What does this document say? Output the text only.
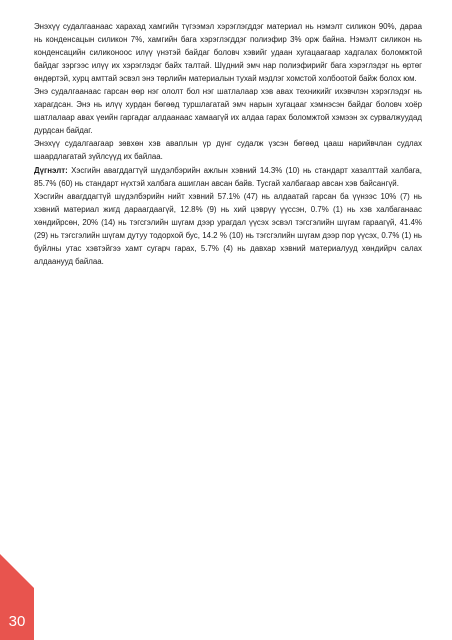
Энэхүү судалгаанаас харахад хамгийн түгээмэл хэрэглэгддэг материал нь нэмэлт силикон 90%, дараа нь конденсацын силикон 7%, хамгийн бага хэрэглэгддэг полиэфир 3% орж байна. Нэмэлт силикон нь конденсацийн силиконоос илүү үнэтэй байдаг боловч хэвийг удаан хугацаагаар хадгалах боломжтой байдаг зэргээс илүү их хэрэглэдэг байх талтай. Шүдний эмч нар полиэфирийг бага хэрэглэдэг нь өртөг өндөртэй, хурц амттай эсвэл энэ төрлийн материалын тухай мэдлэг хомстой холбоотой байж болох юм.

Энэ судалгаанаас гарсан өөр нэг ололт бол нэг шатлалаар хэв авах техникийг ихэвчлэн хэрэглэдэг нь харагдсан. Энэ нь илүү хурдан бөгөөд туршлагатай эмч нарын хугацааг хэмнэсэн байдаг боловч хоёр шатлалаар авах үеийн гаргадаг алдаанаас хамаагүй их алдаа гарах боломжтой хэмээн эх сурвалжуудад дурдсан байдаг.

Энэхүү судалгаагаар зөвхөн хэв аваплын үр дүнг судалж үзсэн бөгөөд цааш нарийвчлан судлах шаардлагатай зүйлсүүд их байлаа.

Дүгнэлт: Хэсгийн авагддагтүй шүдэлбэрийн ажлын хэвний 14.3% (10) нь стандарт хазалттай халбага, 85.7% (60) нь стандарт нүхтэй халбага ашиглан авсан байв. Тусгай халбагаар авсан хэв байсангүй.

Хэсгийн авагддагтүй шүдэлбэрийн нийт хэвний 57.1% (47) нь алдаатай гарсан ба үүнээс 10% (7) нь хэвний материал жигд дараагдаагүй, 12.8% (9) нь хий цэврүү үүссэн, 0.7% (1) нь хэв халбаганаас хөндийрсөн, 20% (14) нь тэгсгэлийн шүгам дээр урагдал үүсэх эсвэл тэгсгэлийн шүгам гараагүй, 41.4% (29) нь тэгсгэлийн шүгам дутуу тодорхой бус, 14.2 % (10) нь тэгсгэлийн шүгам дээр пор үүсэх, 0.7% (1) нь буйлны утас хэвтэйгээ хамт сугарч гарах, 5.7% (4) нь давхар хэвний материалууд хөндийрч салах алдаанууд байлаа.

30
